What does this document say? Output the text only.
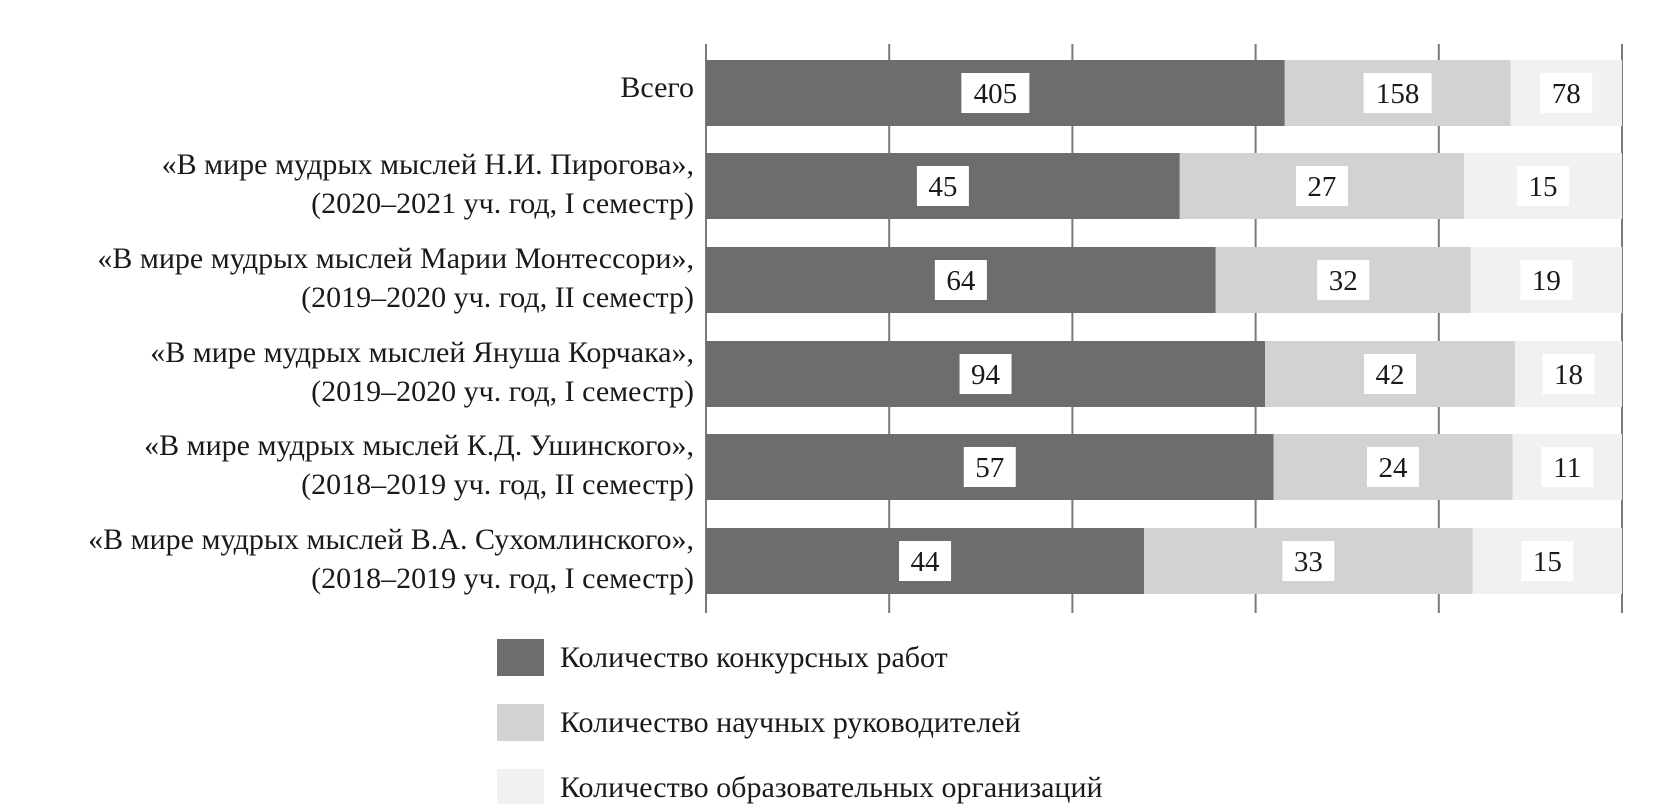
405	158	78
45	27	15
64	32	19
94	42	18
57	24	11
44	33	15
Всего
«В мире мудрых мыслей Н.И. Пирогова»,
(2020–2021 уч. год, I семестр)
«В мире мудрых мыслей Марии Монтессори»,
(2019–2020 уч. год, II семестр)
«В мире мудрых мыслей Януша Корчака»,
(2019–2020 уч. год, I семестр)
«В мире мудрых мыслей К.Д. Ушинского»,
(2018–2019 уч. год, II семестр)
«В мире мудрых мыслей В.А. Сухомлинского»,
(2018–2019 уч. год, I семестр)
Количество конкурсных работ
Количество научных руководителей
Количество образовательных организаций
